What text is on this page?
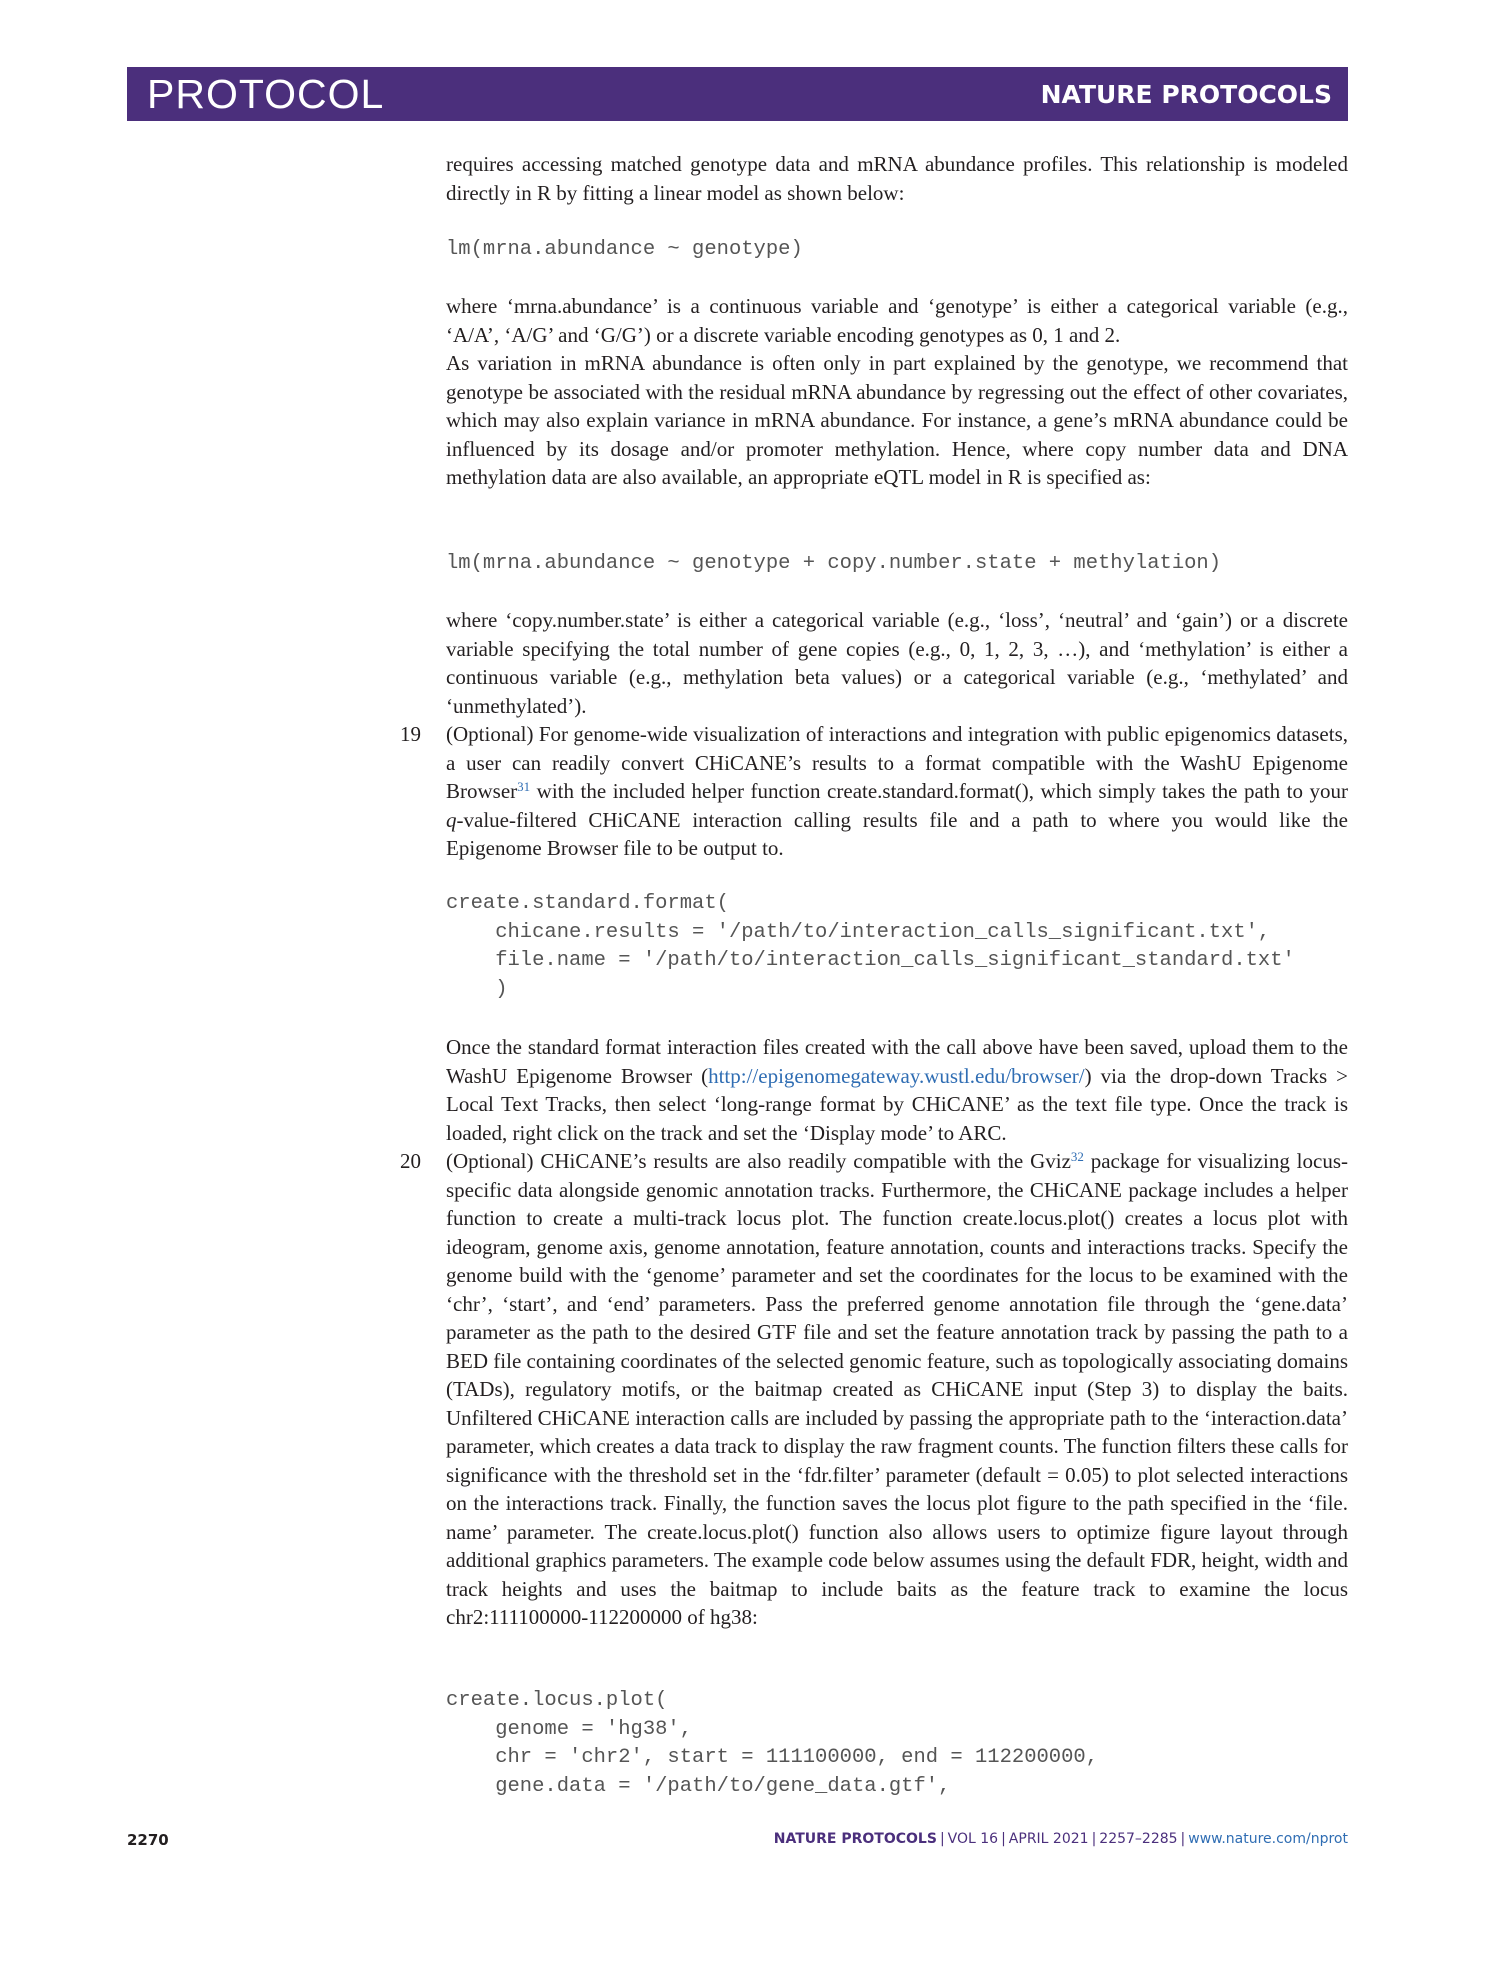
PROTOCOL	NATURE PROTOCOLS

requires accessing matched genotype data and mRNA abundance profiles. This relationship is modeled directly in R by fitting a linear model as shown below:

lm(mrna.abundance ~ genotype)

where ‘mrna.abundance’ is a continuous variable and ‘genotype’ is either a categorical variable (e.g., ‘A/A’, ‘A/G’ and ‘G/G’) or a discrete variable encoding genotypes as 0, 1 and 2.

As variation in mRNA abundance is often only in part explained by the genotype, we recommend that genotype be associated with the residual mRNA abundance by regressing out the effect of other covariates, which may also explain variance in mRNA abundance. For instance, a gene’s mRNA abundance could be influenced by its dosage and/or promoter methylation. Hence, where copy number data and DNA methylation data are also available, an appropriate eQTL model in R is specified as:

lm(mrna.abundance ~ genotype + copy.number.state + methylation)

where ‘copy.number.state’ is either a categorical variable (e.g., ‘loss’, ‘neutral’ and ‘gain’) or a discrete variable specifying the total number of gene copies (e.g., 0, 1, 2, 3, …), and ‘methylation’ is either a continuous variable (e.g., methylation beta values) or a categorical variable (e.g., ‘methylated’ and ‘unmethylated’).

19 (Optional) For genome-wide visualization of interactions and integration with public epigenomics datasets, a user can readily convert CHiCANE’s results to a format compatible with the WashU Epigenome Browser$^{31}$ with the included helper function create.standard.format(), which simply takes the path to your q-value-filtered CHiCANE interaction calling results file and a path to where you would like the Epigenome Browser file to be output to.

create.standard.format(
chicane.results = '/path/to/interaction_calls_significant.txt',
file.name = '/path/to/interaction_calls_significant_standard.txt'
)

Once the standard format interaction files created with the call above have been saved, upload them to the WashU Epigenome Browser (http://epigenomegateway.wustl.edu/browser/) via the drop-down Tracks > Local Text Tracks, then select ‘long-range format by CHiCANE’ as the text file type. Once the track is loaded, right click on the track and set the ‘Display mode’ to ARC.

20 (Optional) CHiCANE’s results are also readily compatible with the Gviz$^{32}$ package for visualizing locus-specific data alongside genomic annotation tracks. Furthermore, the CHiCANE package includes a helper function to create a multi-track locus plot. The function create.locus.plot() creates a locus plot with ideogram, genome axis, genome annotation, feature annotation, counts and interactions tracks. Specify the genome build with the ‘genome’ parameter and set the coordinates for the locus to be examined with the ‘chr’, ‘start’, and ‘end’ parameters. Pass the preferred genome annotation file through the ‘gene.data’ parameter as the path to the desired GTF file and set the feature annotation track by passing the path to a BED file containing coordinates of the selected genomic feature, such as topologically associating domains (TADs), regulatory motifs, or the baitmap created as CHiCANE input (Step 3) to display the baits. Unfiltered CHiCANE interaction calls are included by passing the appropriate path to the ‘interaction.data’ parameter, which creates a data track to display the raw fragment counts. The function filters these calls for significance with the threshold set in the ‘fdr.filter’ parameter (default = 0.05) to plot selected interactions on the interactions track. Finally, the function saves the locus plot figure to the path specified in the ‘file. name’ parameter. The create.locus.plot() function also allows users to optimize figure layout through additional graphics parameters. The example code below assumes using the default FDR, height, width and track heights and uses the baitmap to include baits as the feature track to examine the locus chr2:111100000-112200000 of hg38:

create.locus.plot(
genome = 'hg38',
chr = 'chr2', start = 111100000, end = 112200000,
gene.data = '/path/to/gene_data.gtf',
2270	NATURE PROTOCOLS | VOL 16 | APRIL 2021 | 2257–2285 | www.nature.com/nprot
